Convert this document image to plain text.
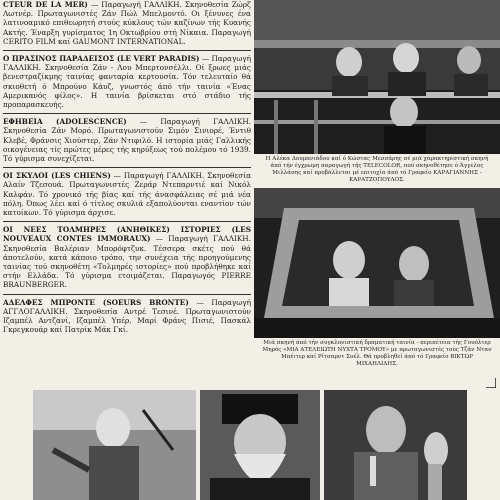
CTEUR DE LA MER) — Παραγωγή ΓΑΛΛΙΚΗ. Σκηνοθεσία Ζώρζ Λωτνέρ. Πρωταγωνιστές Ζάν Πώλ Μπελμοντό. Οι ξένυνες ένα λατινοαμικό επιθεωρητή στούς κύκλους τών καζίνων τής Κυανής Ακτής. Έναρξη γυρίσματος 1η Οκτωβρίου στή Νίκαια. Παραγωγή CERITO FILM καί GAUMONT INTERNATIONAL.

Ο ΠΡΑΣΙΝΟΣ ΠΑΡΑΔΕΙΣΟΣ (LE VERT PARADIS) — Παραγωγή ΓΑΛΛΙΚΗ. Σκηνοθεσία Ζάν - Λου Μπερτονσέλλι. Οί ξρωες μιάς βενεστραζίκμης ταινίας φανταρία κερτουσία. Τόν τελευταίο θά σκιοθετή ό Μπρούνο Κάυζ, γνωστός άπό τήν ταινία «Ένας Αμερικανός φίλος». Η ταινία βρίσκεται στό στάδιο τής προπαρασκευής.

ΕΦΗΒΕΙΑ (ADOLESCENCE) — Παραγωγή ΓΑΛΛΙΚΗ. Σκηνοθεσία Ζάν Μορό. Πρωταγωνιστούν Σιμόν Σινιορέ, Έντιθ Κλεβέ, Φράνσις Χιούστερ, Ζάν Ντιφιλό. Η ιστορία μιάς Γαλλικής οικογένειας τίς πρώτες μέρες τής κηρύξεως τού πολέμου τό 1939. Τό γύρισμα συνεχίζεται.

ΟΙ ΣΚΥΛΟΙ (LES CHIENS) — Παραγωγή ΓΑΛΛΙΚΗ. Σκηνοθεσία Αλαίν Τζεσουά. Πρωταγωνιστές Ζεράρ Ντεπαρντιέ καί Νικόλ Καλφάν. Τό χρονικό τής βίας καί τής άνασφάλειας σέ μιά νέα πόλη. Όπως λέει καί ό τίτλος σκυλιά εξαπολύονται εναντίον τών κατοίκων. Τό γύρισμα άρχισε.

ΟΙ ΝΕΕΣ ΤΟΛΜΗΡΕΣ (ΑΝΗΘΙΚΕΣ) ΙΣΤΟΡΙΕΣ (LES NOUVEAUX CONTES IMMORAUX) — Παραγωγή ΓΑΛΛΙΚΗ. Σκηνοθεσία Βαλέριαν Μπορόφτζυκ. Τέσσερα σκέτς πού θά άποτελούν, κατά κάποιο τρόπο, την συνέχεια τής προηγούμενης ταινίας τού σκηνοθέτη «Τολμηρές ιστορίες» πού προβλήθηκε καί στήν Ελλάδα. Τό γύρισμα ετοιμάζεται. Παραγωγός PIERRE BRAUNBERGER.

ΑΔΕΛΦΕΣ ΜΠΡΟΝΤΕ (SOEURS BRONTE) — Παραγωγή ΑΓΓΛΟΓΑΛΛΙΚΗ. Σκηνοθεσία Αντρέ Τεσινέ. Πρωταγωνιστούν Ιζαμπέλ Αντζανί, Ιζαμπέλ Υπέρ, Μαρί Φράνς Πισιέ, Πασκάλ Γκρεγκουάρ καί Πατρίκ Μάκ Γκί.

Η Αλέκα Δουμανιάδου καί ό Κώστας Μεσσάρης σέ μιά χαρακτηριστική σκηνή άπό τήν έγχρωμη παραγωγή τής TELECOLOR, πού σκηνοθέτησε ό Άγγελος Μιλλάσης καί προβάλλεται μέ επιτυχία άπό τό Γραφείο ΚΑΡΑΓΙΑΝΝΗΣ - ΚΑΡΑΤΖΟΠΟΥΛΟΣ.

Μιά σκηνή άπό τήν συγκλονιστική δραματική ταινία - περιπέτεια τής Γουόλτερ Μηρός «ΜΙΑ ΑΤΕΛΕΙΩΤΗ ΝΥΧΤΑ ΤΡΟΜΟΥ» με πρωταγωνιστές τούς Τζάν Νταν Μπέιτερ καί Ρίτσαρντ Σοέλ. Θά προβληθεί άπό τό Γραφείο ΒΙΚΤΩΡ ΜΙΧΑΗΛΙΔΗΣ.
